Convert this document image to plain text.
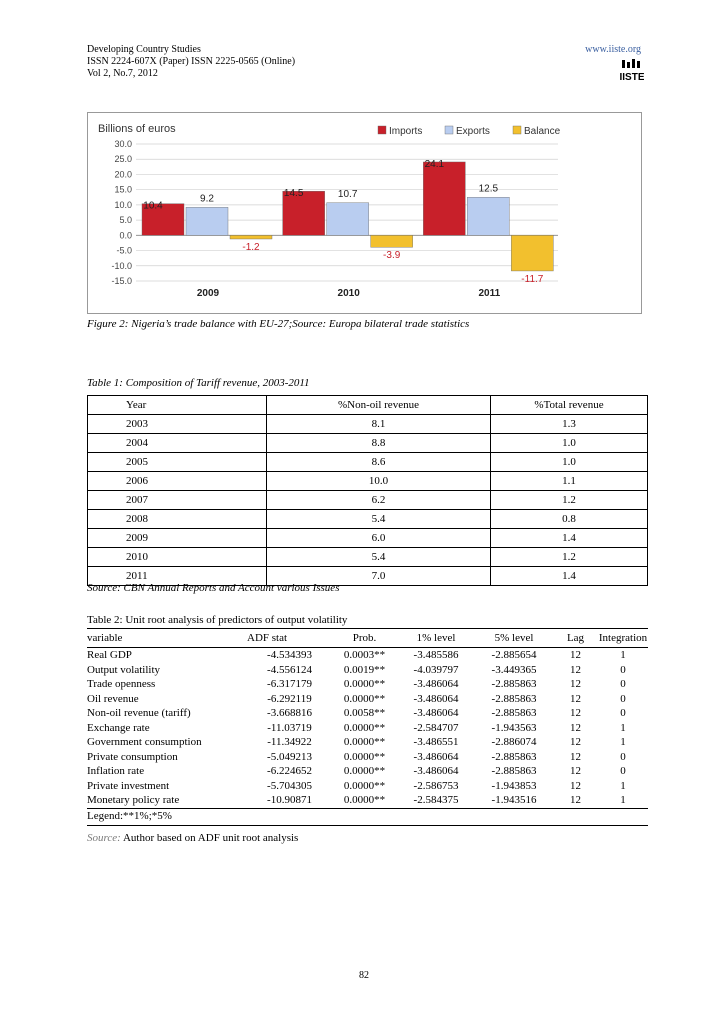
Developing Country Studies
ISSN 2224-607X (Paper) ISSN 2225-0565 (Online)
Vol 2, No.7, 2012
www.iiste.org
IISTE
Billions of euros
30.0
25.0
20.0
15.0
10.0
5.0
0.0
-5.0
-10.0
-15.0
10.4
9.2
-1.2
2009
14.5	10.7
-3.9
2010
24.1
12.5
-11.7
2011
Imports	Exports	Balance
Figure 2: Nigeria’s trade balance with EU-27;Source: Europa bilateral trade statistics
Table 1: Composition of Tariff revenue, 2003-2011
Year	%Non-oil revenue	%Total revenue
2003	8.1	1.3
2004	8.8	1.0
2005	8.6	1.0
2006	10.0	1.1
2007	6.2	1.2
2008	5.4	0.8
2009	6.0	1.4
2010	5.4	1.2
2011	7.0	1.4
Source: CBN Annual Reports and Account various Issues
Table 2: Unit root analysis of predictors of output volatility
variable	ADF stat	Prob.	1% level	5% level	Lag	Integration
Real GDP	-4.534393	0.0003**	-3.485586	-2.885654	12	1
Output volatility	-4.556124	0.0019**	-4.039797	-3.449365	12	0
Trade openness	-6.317179	0.0000**	-3.486064	-2.885863	12	0
Oil revenue	-6.292119	0.0000**	-3.486064	-2.885863	12	0
Non-oil revenue (tariff)	-3.668816	0.0058**	-3.486064	-2.885863	12	0
Exchange rate	-11.03719	0.0000**	-2.584707	-1.943563	12	1
Government consumption	-11.34922	0.0000**	-3.486551	-2.886074	12	1
Private consumption	-5.049213	0.0000**	-3.486064	-2.885863	12	0
Inflation rate	-6.224652	0.0000**	-3.486064	-2.885863	12	0
Private investment	-5.704305	0.0000**	-2.586753	-1.943853	12	1
Monetary policy rate	-10.90871	0.0000**	-2.584375	-1.943516	12	1
Legend:**1%;*5%						
Source: Author based on ADF unit root analysis
82
